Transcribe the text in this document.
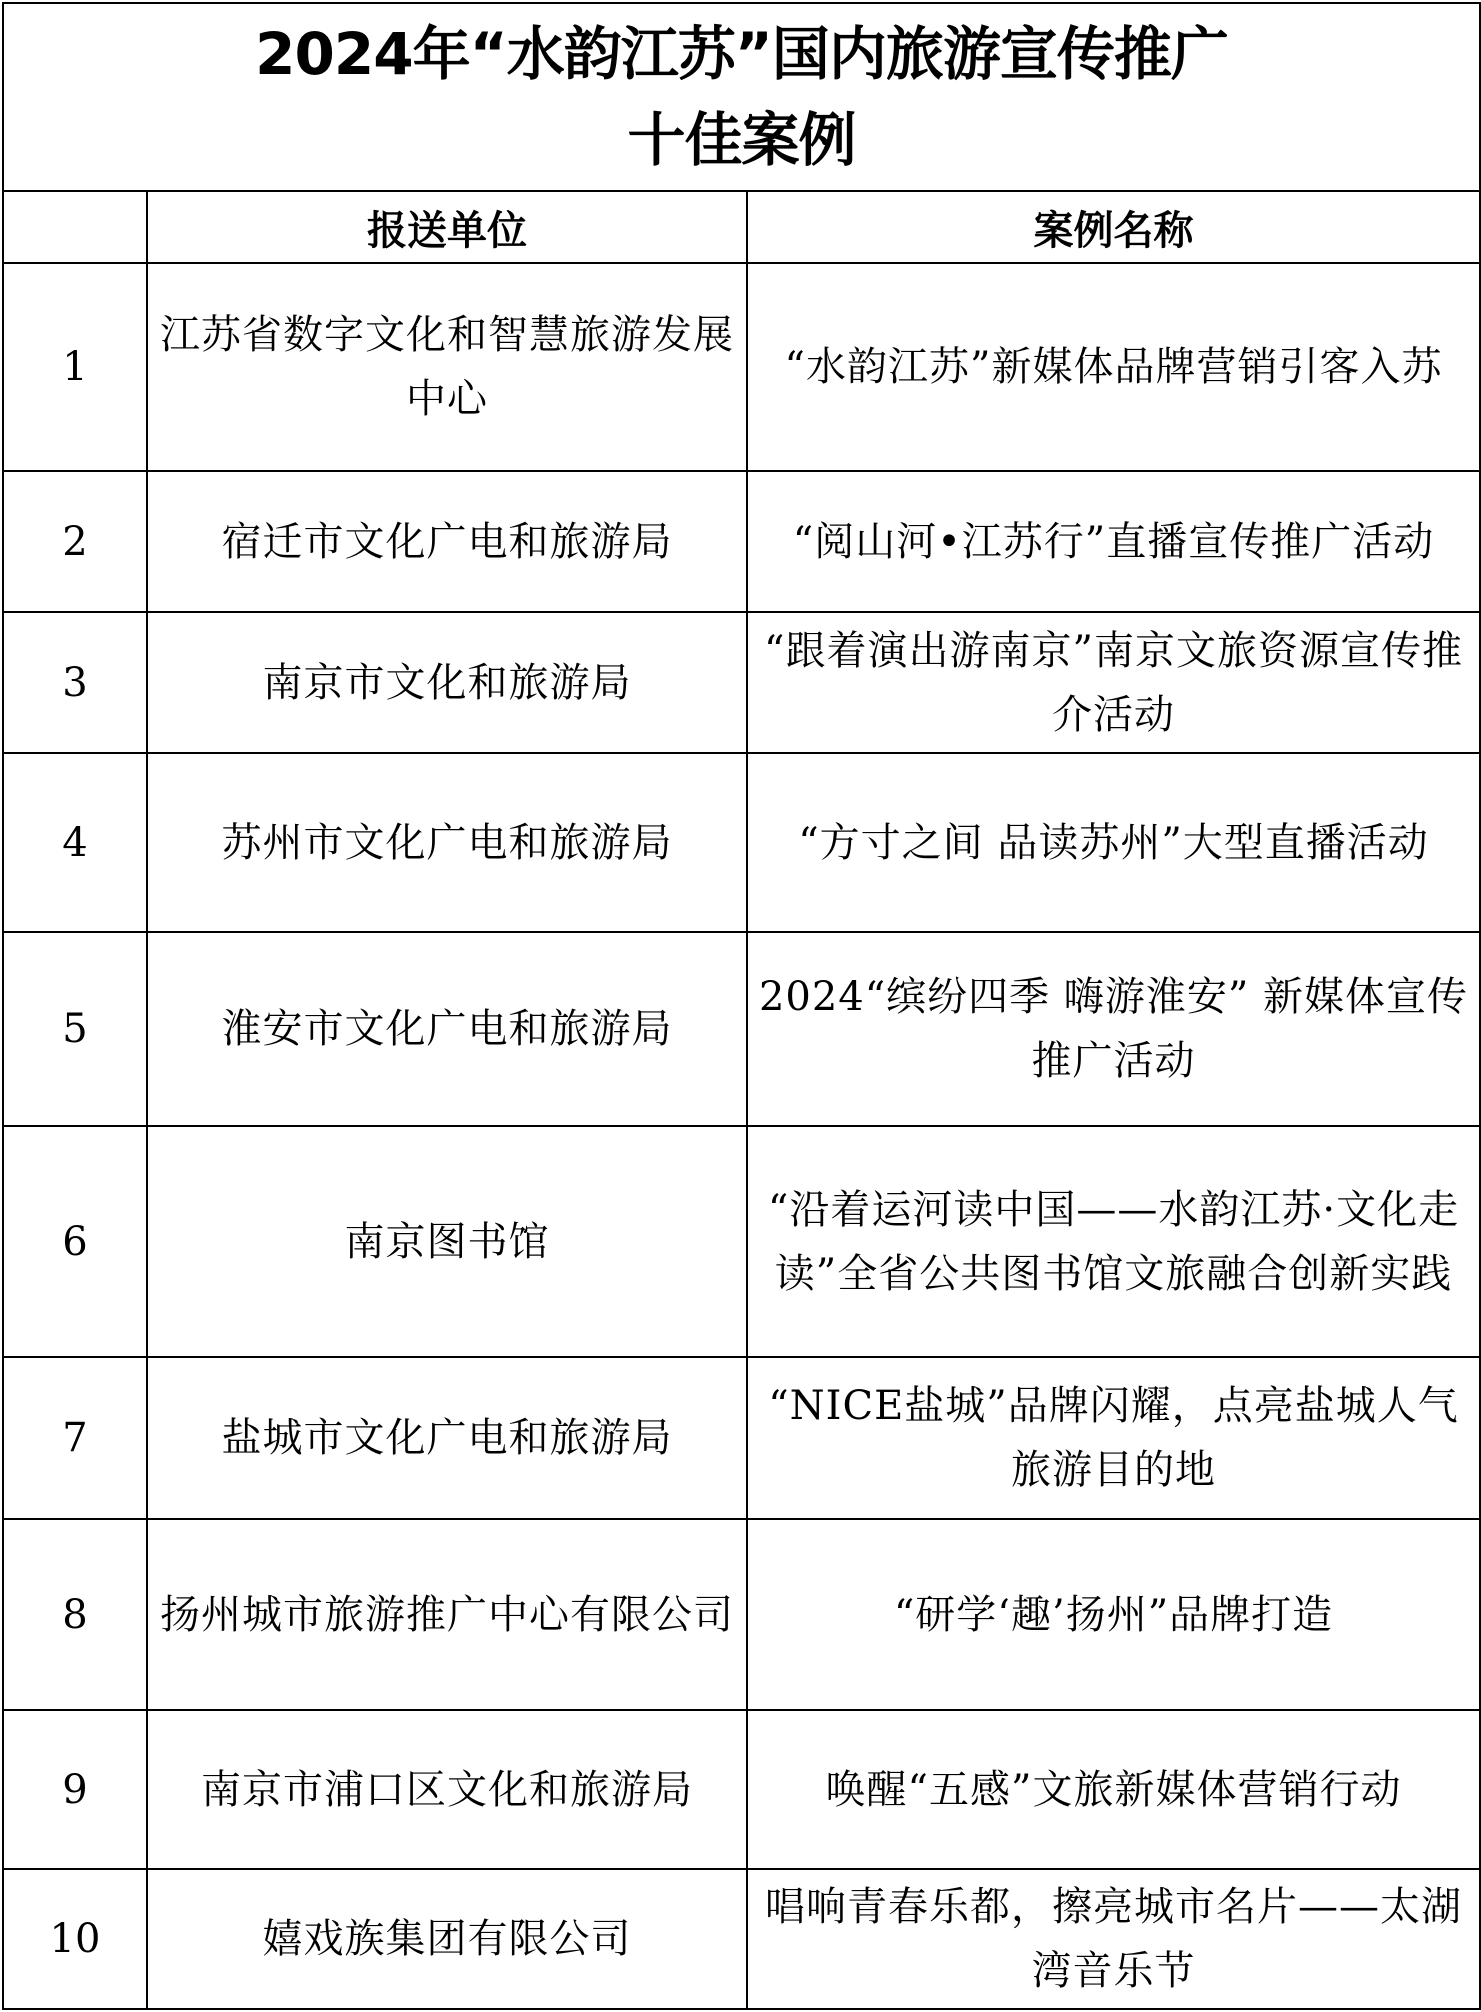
2024年“水韵江苏”国内旅游宣传推广
十佳案例		

	报送单位	案例名称
1	江苏省数字文化和智慧旅游发展中心	“水韵江苏”新媒体品牌营销引客入苏
2	宿迁市文化广电和旅游局	“阅山河•江苏行”直播宣传推广活动
3	南京市文化和旅游局	“跟着演出游南京”南京文旅资源宣传推介活动
4	苏州市文化广电和旅游局	“方寸之间 品读苏州”大型直播活动
5	淮安市文化广电和旅游局	2024“缤纷四季 嗨游淮安” 新媒体宣传推广活动
6	南京图书馆	“沿着运河读中国——水韵江苏·文化走读”全省公共图书馆文旅融合创新实践
7	盐城市文化广电和旅游局	“NICE盐城”品牌闪耀，点亮盐城人气旅游目的地
8	扬州城市旅游推广中心有限公司	“研学‘趣’扬州”品牌打造
9	南京市浦口区文化和旅游局	唤醒“五感”文旅新媒体营销行动
10	嬉戏族集团有限公司	唱响青春乐都，擦亮城市名片——太湖湾音乐节
